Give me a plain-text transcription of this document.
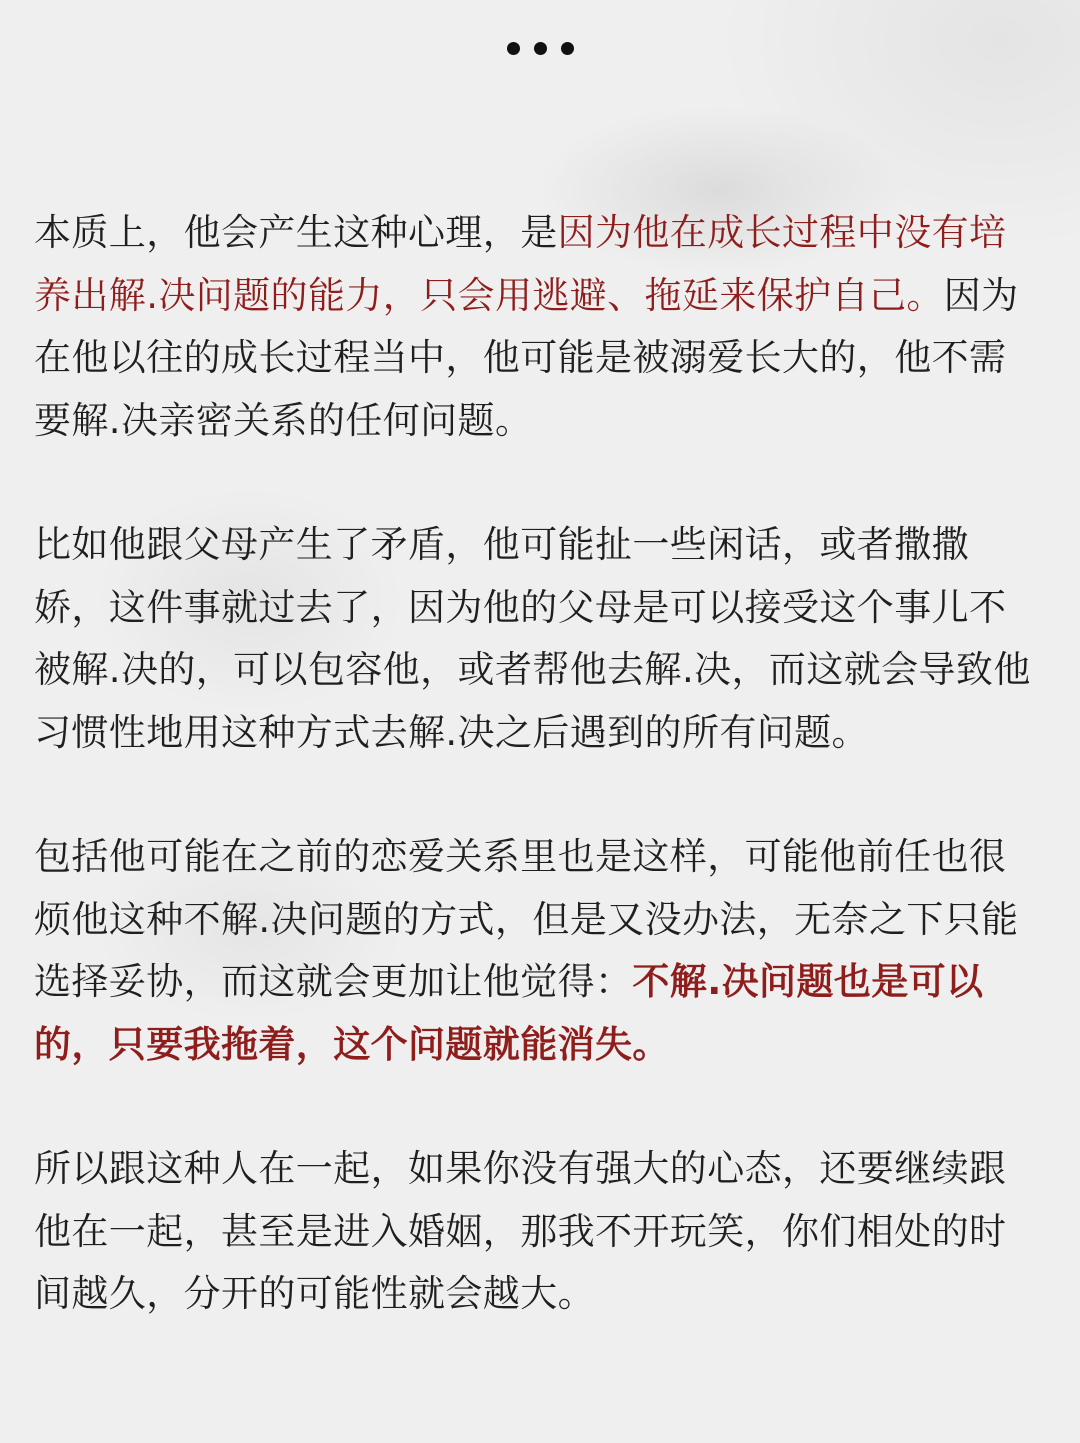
本质上，他会产生这种心理，是因为他在成长过程中没有培养出解.决问题的能力，只会用逃避、拖延来保护自己。因为在他以往的成长过程当中，他可能是被溺爱长大的，他不需要解.决亲密关系的任何问题。

比如他跟父母产生了矛盾，他可能扯一些闲话，或者撒撒娇，这件事就过去了，因为他的父母是可以接受这个事儿不被解.决的，可以包容他，或者帮他去解.决，而这就会导致他习惯性地用这种方式去解.决之后遇到的所有问题。

包括他可能在之前的恋爱关系里也是这样，可能他前任也很烦他这种不解.决问题的方式，但是又没办法，无奈之下只能选择妥协，而这就会更加让他觉得：不解.决问题也是可以的，只要我拖着，这个问题就能消失。

所以跟这种人在一起，如果你没有强大的心态，还要继续跟他在一起，甚至是进入婚姻，那我不开玩笑，你们相处的时间越久，分开的可能性就会越大。
